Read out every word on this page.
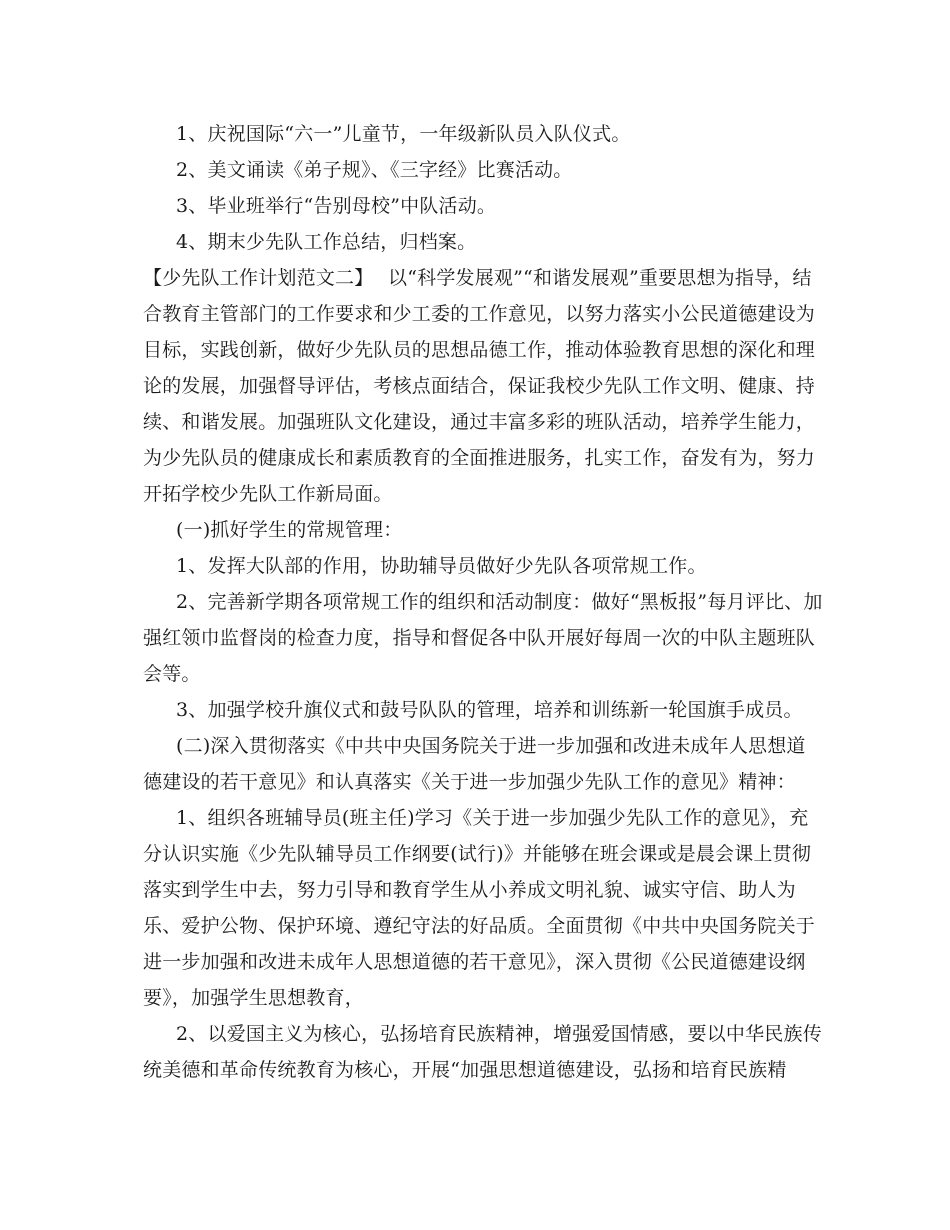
1、庆祝国际“六一”儿童节，一年级新队员入队仪式。
2、美文诵读《弟子规》、《三字经》比赛活动。
3、毕业班举行“告别母校”中队活动。
4、期末少先队工作总结，归档案。
【少先队工作计划范文二】 以“科学发展观”“和谐发展观”重要思想为指导，结
合教育主管部门的工作要求和少工委的工作意见，以努力落实小公民道德建设为
目标，实践创新，做好少先队员的思想品德工作，推动体验教育思想的深化和理
论的发展，加强督导评估，考核点面结合，保证我校少先队工作文明、健康、持
续、和谐发展。加强班队文化建设，通过丰富多彩的班队活动，培养学生能力，
为少先队员的健康成长和素质教育的全面推进服务，扎实工作，奋发有为，努力
开拓学校少先队工作新局面。
(一)抓好学生的常规管理：
1、发挥大队部的作用，协助辅导员做好少先队各项常规工作。
2、完善新学期各项常规工作的组织和活动制度：做好“黑板报”每月评比、加
强红领巾监督岗的检查力度，指导和督促各中队开展好每周一次的中队主题班队
会等。
3、加强学校升旗仪式和鼓号队队的管理，培养和训练新一轮国旗手成员。
(二)深入贯彻落实《中共中央国务院关于进一步加强和改进未成年人思想道
德建设的若干意见》和认真落实《关于进一步加强少先队工作的意见》精神：
1、组织各班辅导员(班主任)学习《关于进一步加强少先队工作的意见》，充
分认识实施《少先队辅导员工作纲要(试行)》并能够在班会课或是晨会课上贯彻
落实到学生中去，努力引导和教育学生从小养成文明礼貌、诚实守信、助人为
乐、爱护公物、保护环境、遵纪守法的好品质。全面贯彻《中共中央国务院关于
进一步加强和改进未成年人思想道德的若干意见》，深入贯彻《公民道德建设纲
要》，加强学生思想教育，
2、以爱国主义为核心，弘扬培育民族精神，增强爱国情感，要以中华民族传
统美德和革命传统教育为核心，开展“加强思想道德建设，弘扬和培育民族精
